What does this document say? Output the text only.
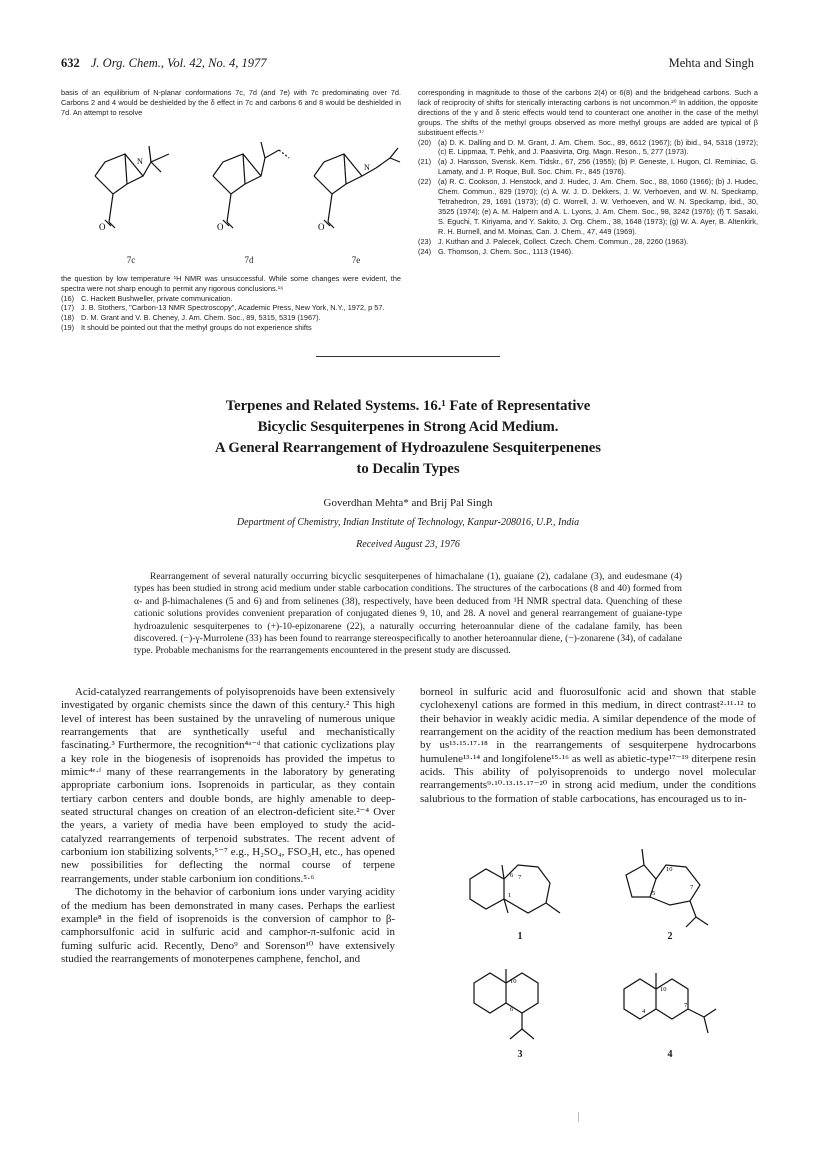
632 J. Org. Chem., Vol. 42, No. 4, 1977	Mehta and Singh

basis of an equilibrium of N-planar conformations 7c, 7d (and 7e) with 7c predominating over 7d. Carbons 2 and 4 would be deshielded by the δ effect in 7c and carbons 6 and 8 would be deshielded in 7d. An attempt to resolve

O
N
7c
O
7d
O
N
7e

the question by low temperature ¹H NMR was unsuccessful. While some changes were evident, the spectra were not sharp enough to permit any rigorous conclusions.¹⁶

(16) C. Hackett Bushweller, private communication.
(17) J. B. Stothers, "Carbon-13 NMR Spectroscopy", Academic Press, New York, N.Y., 1972, p 57.
(18) D. M. Grant and V. B. Cheney, J. Am. Chem. Soc., 89, 5315, 5319 (1967).
(19) It should be pointed out that the methyl groups do not experience shifts

corresponding in magnitude to those of the carbons 2(4) or 6(8) and the bridgehead carbons. Such a lack of reciprocity of shifts for sterically interacting carbons is not uncommon.²⁰ In addition, the opposite directions of the γ and δ steric effects would tend to counteract one another in the case of the methyl groups. The shifts of the methyl groups observed as more methyl groups are added are typical of β substituent effects.¹⁷

(20) (a) D. K. Dalling and D. M. Grant, J. Am. Chem. Soc., 89, 6612 (1967); (b) ibid., 94, 5318 (1972); (c) E. Lippmaa, T. Pehk, and J. Paasivirta, Org. Magn. Reson., 5, 277 (1973).
(21) (a) J. Hansson, Svensk. Kem. Tidskr., 67, 256 (1955); (b) P. Geneste, I. Hugon, Cl. Reminiac, G. Lamaty, and J. P. Roque, Bull. Soc. Chim. Fr., 845 (1976).
(22) (a) R. C. Cookson, J. Henstock, and J. Hudec, J. Am. Chem. Soc., 88, 1060 (1966); (b) J. Hudec, Chem. Commun., 829 (1970); (c) A. W. J. D. Dekkers, J. W. Verhoeven, and W. N. Speckamp, Tetrahedron, 29, 1691 (1973); (d) C. Worrell, J. W. Verhoeven, and W. N. Speckamp, ibid., 30, 3525 (1974); (e) A. M. Halpern and A. L. Lyons, J. Am. Chem. Soc., 98, 3242 (1976); (f) T. Sasaki, S. Eguchi, T. Kiriyama, and Y. Sakito, J. Org. Chem., 38, 1648 (1973); (g) W. A. Ayer, B. Altenkirk, R. H. Burnell, and M. Moinas, Can. J. Chem., 47, 449 (1969).
(23) J. Kuthan and J. Palecek, Collect. Czech. Chem. Commun., 28, 2260 (1963).
(24) G. Thomson, J. Chem. Soc., 1113 (1946).
Terpenes and Related Systems. 16.¹ Fate of Representative
Bicyclic Sesquiterpenes in Strong Acid Medium.
A General Rearrangement of Hydroazulene Sesquiterpenenes
to Decalin Types
Goverdhan Mehta* and Brij Pal Singh
Department of Chemistry, Indian Institute of Technology, Kanpur-208016, U.P., India
Received August 23, 1976

Rearrangement of several naturally occurring bicyclic sesquiterpenes of himachalane (1), guaiane (2), cadalane (3), and eudesmane (4) types has been studied in strong acid medium under stable carbocation conditions. The structures of the carbocations (8 and 40) formed from α- and β-himachalenes (5 and 6) and from selinenes (38), respectively, have been deduced from ¹H NMR spectral data. Quenching of these cationic solutions provides convenient preparation of conjugated dienes 9, 10, and 28. A novel and general rearrangement of guaiane-type hydroazulenic sesquiterpenes to (+)-10-epizonarene (22), a naturally occurring heteroannular diene of the cadalane family, has been discovered. (−)-γ-Murrolene (33) has been found to rearrange stereospecifically to another heteroannular diene, (−)-zonarene (34), of cadalane type. Probable mechanisms for the rearrangements encountered in the present study are discussed.

Acid-catalyzed rearrangements of polyisoprenoids have been extensively investigated by organic chemists since the dawn of this century.² This high level of interest has been sustained by the unraveling of numerous unique rearrangements that are synthetically useful and mechanistically fascinating.³ Furthermore, the recognition⁴ᵃ⁻ᵈ that cationic cyclizations play a key role in the biogenesis of isoprenoids has provided the impetus to mimic⁴ᵉ·ᶠ many of these rearrangements in the laboratory by generating appropriate carbonium ions. Isoprenoids in particular, as they contain tertiary carbon centers and double bonds, are highly amenable to deep-seated structural changes on creation of an electron-deficient site.²⁻⁴ Over the years, a variety of media have been employed to study the acid-catalyzed rearrangements of terpenoid substrates. The recent advent of carbonium ion stabilizing solvents,⁵⁻⁷ e.g., H₂SO₄, FSO₃H, etc., has opened new possibilities for deflecting the normal course of terpene rearrangements, under stable carbonium ion conditions.⁵·⁶

The dichotomy in the behavior of carbonium ions under varying acidity of the medium has been demonstrated in many cases. Perhaps the earliest example⁸ in the field of isoprenoids is the conversion of camphor to β-camphorsulfonic acid in sulfuric acid and camphor-π-sulfonic acid in fuming sulfuric acid. Recently, Deno⁹ and Sorenson¹⁰ have extensively studied the rearrangements of monoterpenes camphene, fenchol, and

borneol in sulfuric acid and fluorosulfonic acid and shown that stable cyclohexenyl cations are formed in this medium, in direct contrast²·¹¹·¹² to their behavior in weakly acidic media. A similar dependence of the mode of rearrangement on the acidity of the reaction medium has been demonstrated by us¹³·¹⁵·¹⁷·¹⁸ in the rearrangements of sesquiterpene hydrocarbons humulene¹³·¹⁴ and longifolene¹⁵·¹⁶ as well as abietic-type¹⁷⁻¹⁹ diterpene resin acids. This ability of polyisoprenoids to undergo novel molecular rearrangements⁹·¹⁰·¹³·¹⁵·¹⁷⁻²⁰ in strong acid medium, under the conditions salubrious to the formation of stable carbocations, has encouraged us to in-

6 7
1
1
10
5
7
2
10
6
3
10
4
7
4
